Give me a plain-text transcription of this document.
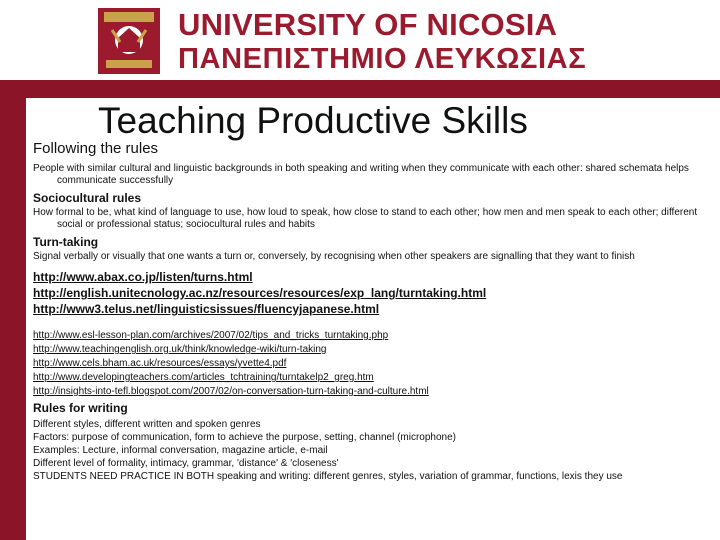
UNIVERSITY OF NICOSIA
ΠΑΝΕΠΙΣΤΗΜΙΟ ΛΕΥΚΩΣΙΑΣ
Teaching Productive Skills
Following the rules
People with similar cultural and linguistic backgrounds in both speaking and writing when they communicate with each other: shared schemata helps communicate successfully
Sociocultural rules
How formal to be, what kind of language to use, how loud to speak, how close to stand to each other; how men and men speak to each other; different social or professional status; sociocultural rules and habits
Turn-taking
Signal verbally or visually that one wants a turn or, conversely, by recognising when other speakers are signalling that they want to finish
http://www.abax.co.jp/listen/turns.html
http://english.unitecnology.ac.nz/resources/resources/exp_lang/turntaking.html
http://www3.telus.net/linguisticsissues/fluencyjapanese.html
http://www.esl-lesson-plan.com/archives/2007/02/tips_and_tricks_turntaking.php
http://www.teachingenglish.org.uk/think/knowledge-wiki/turn-taking
http://www.cels.bham.ac.uk/resources/essays/yvette4.pdf
http://www.developingteachers.com/articles_tchtraining/turntakelp2_greg.htm
http://insights-into-tefl.blogspot.com/2007/02/on-conversation-turn-taking-and-culture.html
Rules for writing
Different styles, different written and spoken genres
Factors: purpose of communication, form to achieve the purpose, setting, channel (microphone)
Examples: Lecture, informal conversation, magazine article, e-mail
Different level of formality, intimacy, grammar, 'distance' & 'closeness'
STUDENTS NEED PRACTICE IN BOTH speaking and writing: different genres, styles, variation of grammar, functions, lexis they use
